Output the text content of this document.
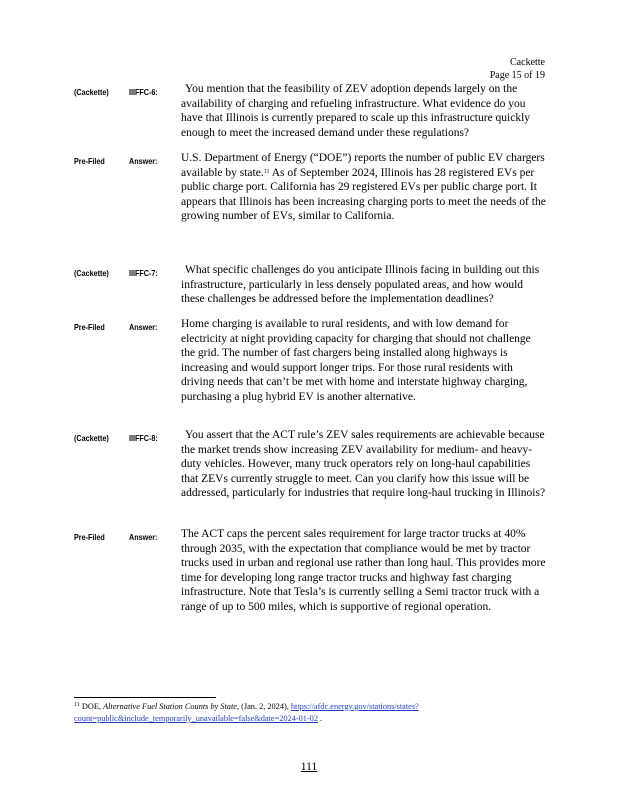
Cackette
Page 15 of 19
(Cackette) IIIFFC-6:	You mention that the feasibility of ZEV adoption depends largely on the availability of charging and refueling infrastructure. What evidence do you have that Illinois is currently prepared to scale up this infrastructure quickly enough to meet the increased demand under these regulations?
Pre-Filed	Answer: U.S. Department of Energy (“DOE”) reports the number of public EV chargers available by state.$^{11}$ As of September 2024, Illinois has 28 registered EVs per public charge port. California has 29 registered EVs per public charge port. It appears that Illinois has been increasing charging ports to meet the needs of the growing number of EVs, similar to California.
(Cackette) IIIFFC-7:	What specific challenges do you anticipate Illinois facing in building out this infrastructure, particularly in less densely populated areas, and how would these challenges be addressed before the implementation deadlines?
Pre-Filed	Answer: Home charging is available to rural residents, and with low demand for electricity at night providing capacity for charging that should not challenge the grid. The number of fast chargers being installed along highways is increasing and would support longer trips. For those rural residents with driving needs that can’t be met with home and interstate highway charging, purchasing a plug hybrid EV is another alternative.
(Cackette) IIIFFC-8:	You assert that the ACT rule’s ZEV sales requirements are achievable because the market trends show increasing ZEV availability for medium- and heavy-duty vehicles. However, many truck operators rely on long-haul capabilities that ZEVs currently struggle to meet. Can you clarify how this issue will be addressed, particularly for industries that require long-haul trucking in Illinois?
Pre-Filed	Answer: The ACT caps the percent sales requirement for large tractor trucks at 40% through 2035, with the expectation that compliance would be met by tractor trucks used in urban and regional use rather than long haul. This provides more time for developing long range tractor trucks and highway fast charging infrastructure. Note that Tesla’s is currently selling a Semi tractor truck with a range of up to 500 miles, which is supportive of regional operation.
$^{11}$ DOE, Alternative Fuel Station Counts by State, (Jan. 2, 2024), https://afdc.energy.gov/stations/states?count=public&include_temporarily_unavailable=false&date=2024-01-02 .
111
